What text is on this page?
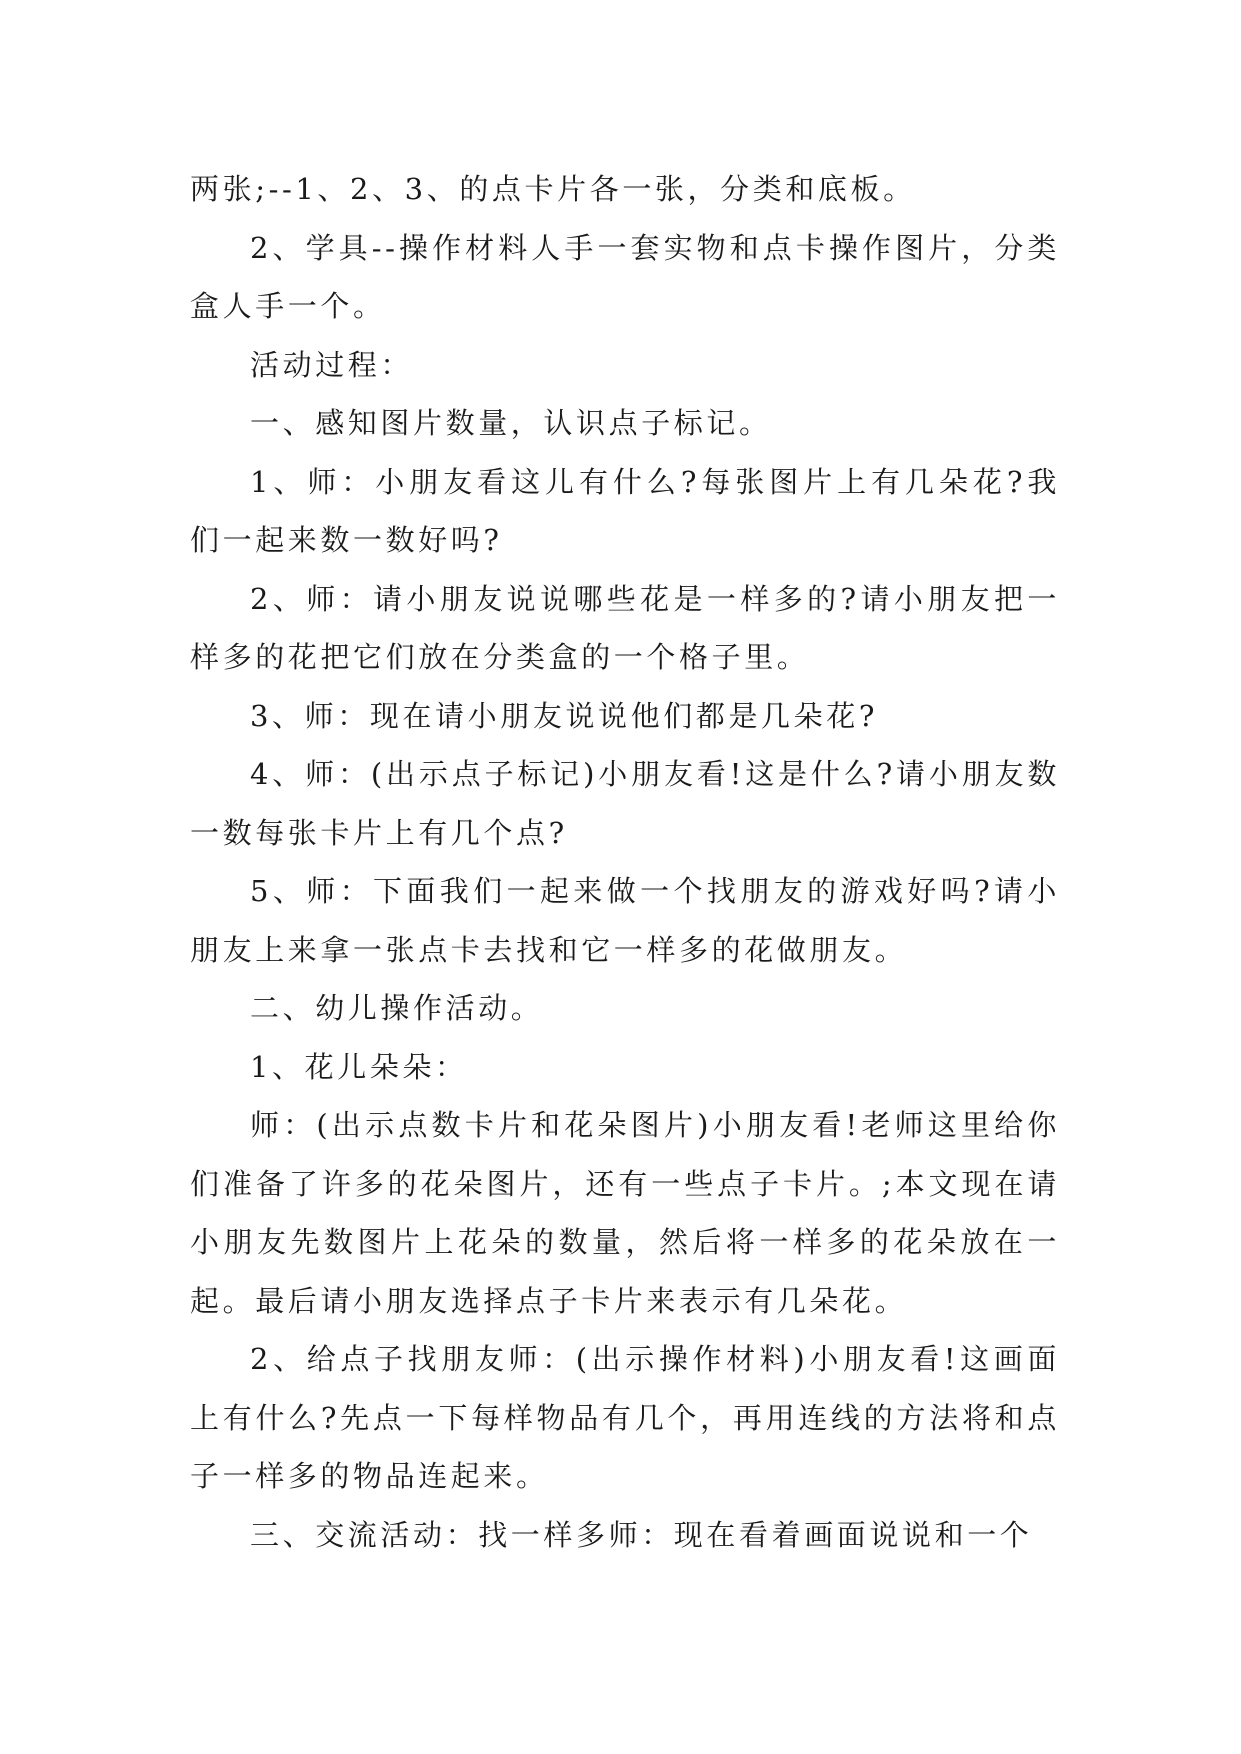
两张;--1、2、3、的点卡片各一张，分类和底板。

2、学具--操作材料人手一套实物和点卡操作图片，分类盒人手一个。

活动过程：

一、感知图片数量，认识点子标记。

1、师：小朋友看这儿有什么?每张图片上有几朵花?我们一起来数一数好吗?

2、师：请小朋友说说哪些花是一样多的?请小朋友把一样多的花把它们放在分类盒的一个格子里。

3、师：现在请小朋友说说他们都是几朵花?

4、师：(出示点子标记)小朋友看!这是什么?请小朋友数一数每张卡片上有几个点?

5、师：下面我们一起来做一个找朋友的游戏好吗?请小朋友上来拿一张点卡去找和它一样多的花做朋友。

二、幼儿操作活动。

1、花儿朵朵：

师：(出示点数卡片和花朵图片)小朋友看!老师这里给你们准备了许多的花朵图片，还有一些点子卡片。;本文现在请小朋友先数图片上花朵的数量，然后将一样多的花朵放在一起。最后请小朋友选择点子卡片来表示有几朵花。

2、给点子找朋友师：(出示操作材料)小朋友看!这画面上有什么?先点一下每样物品有几个，再用连线的方法将和点子一样多的物品连起来。

三、交流活动：找一样多师：现在看着画面说说和一个
